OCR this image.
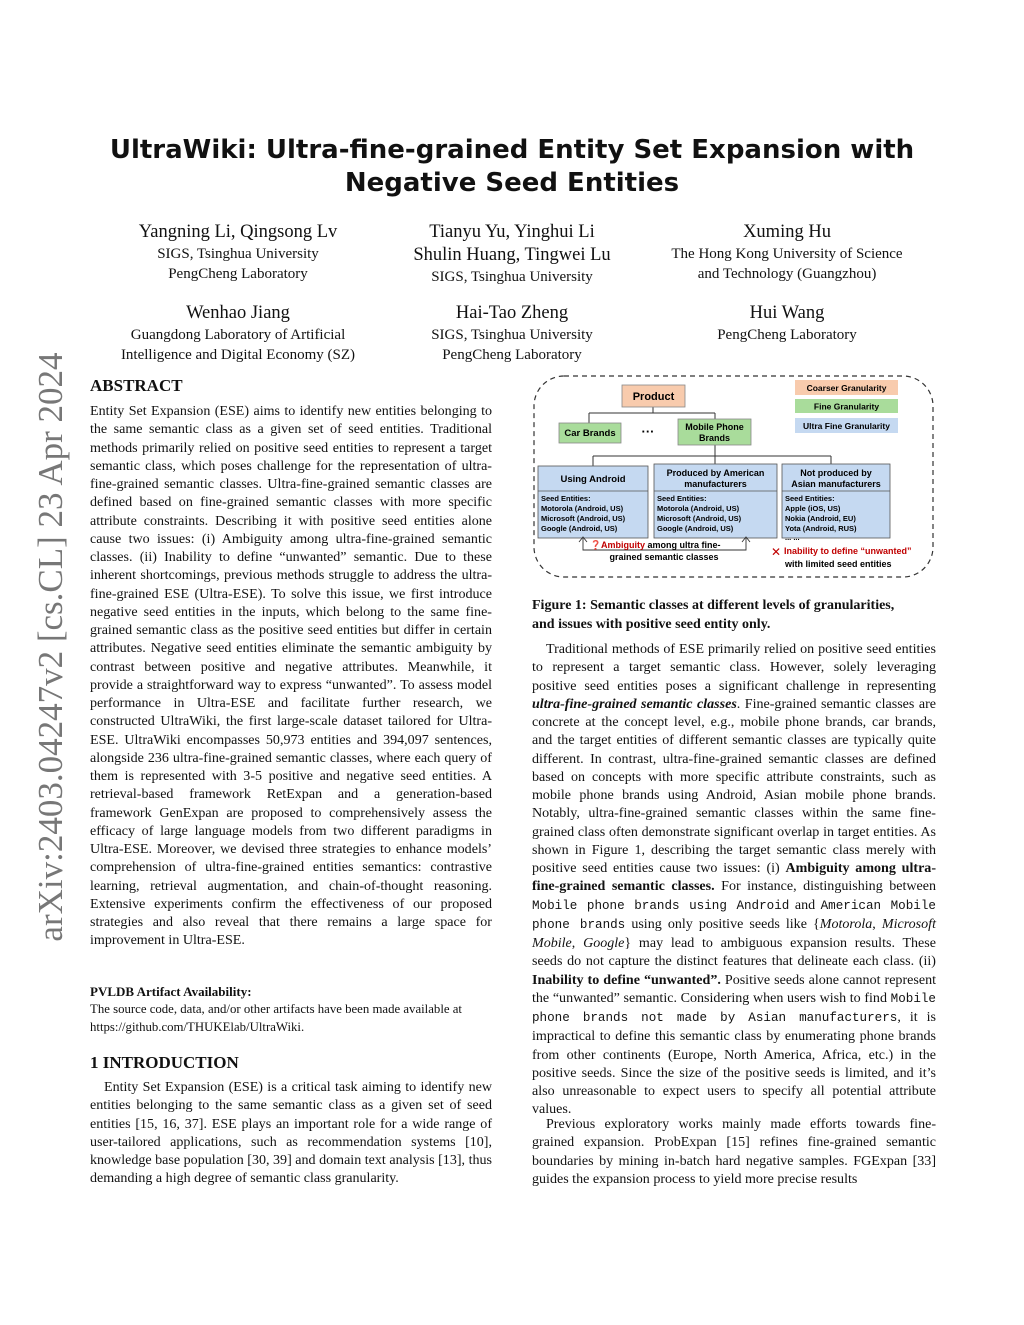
UltraWiki: Ultra-fine-grained Entity Set Expansion with
Negative Seed Entities
Yangning Li, Qingsong Lv
SIGS, Tsinghua University
PengCheng Laboratory
Tianyu Yu, Yinghui Li
Shulin Huang, Tingwei Lu
SIGS, Tsinghua University
Xuming Hu
The Hong Kong University of Science
and Technology (Guangzhou)
Wenhao Jiang
Guangdong Laboratory of Artificial
Intelligence and Digital Economy (SZ)
Hai-Tao Zheng
SIGS, Tsinghua University
PengCheng Laboratory
Hui Wang
PengCheng Laboratory
arXiv:2403.04247v2 [cs.CL] 23 Apr 2024 ABSTRACT
Entity Set Expansion (ESE) aims to identify new entities belonging to the same semantic class as a given set of seed entities. Traditional methods primarily relied on positive seed entities to represent a target semantic class, which poses challenge for the representation of ultra-fine-grained semantic classes. Ultra-fine-grained semantic classes are defined based on fine-grained semantic classes with more specific attribute constraints. Describing it with positive seed entities alone cause two issues: (i) Ambiguity among ultra-fine-grained semantic classes. (ii) Inability to define “unwanted” semantic. Due to these inherent shortcomings, previous methods struggle to address the ultra-fine-grained ESE (Ultra-ESE). To solve this issue, we first introduce negative seed entities in the inputs, which belong to the same fine-grained semantic class as the positive seed entities but differ in certain attributes. Negative seed entities eliminate the semantic ambiguity by contrast between positive and negative attributes. Meanwhile, it provide a straightforward way to express “unwanted”. To assess model performance in Ultra-ESE and facilitate further research, we constructed UltraWiki, the first large-scale dataset tailored for Ultra-ESE. UltraWiki encompasses 50,973 entities and 394,097 sentences, alongside 236 ultra-fine-grained semantic classes, where each query of them is represented with 3-5 positive and negative seed entities. A retrieval-based framework RetExpan and a generation-based framework GenExpan are proposed to comprehensively assess the efficacy of large language models from two different paradigms in Ultra-ESE. Moreover, we devised three strategies to enhance models’ comprehension of ultra-fine-grained entities semantics: contrastive learning, retrieval augmentation, and chain-of-thought reasoning. Extensive experiments confirm the effectiveness of our proposed strategies and also reveal that there remains a large space for improvement in Ultra-ESE.
PVLDB Artifact Availability:
The source code, data, and/or other artifacts have been made available at https://github.com/THUKElab/UltraWiki.
1 INTRODUCTION
Entity Set Expansion (ESE) is a critical task aiming to identify new entities belonging to the same semantic class as a given set of seed entities [15, 16, 37]. ESE plays an important role for a wide range of user-tailored applications, such as recommendation systems [10], knowledge base population [30, 39] and domain text analysis [13], thus demanding a high degree of semantic class granularity.
Product
Car Brands ···	Mobile Phone
Brands
Coarser Granularity
Fine Granularity
Ultra Fine Granularity
Using Android
Seed Entities:
Motorola (Android, US)
Microsoft (Android, US)
Google (Android, US)
Produced by American
manufacturers
Seed Entities:
Motorola (Android, US)
Microsoft (Android, US)
Google (Android, US)
Not produced by
Asian manufacturers
Seed Entities:
Apple (iOS, US)
Nokia (Android, EU)
Yota (Android, RUS)
... ...
❓ Ambiguity among ultra fine-
grained semantic classes	✕ Inability to define “unwanted”
with limited seed entities
Figure 1: Semantic classes at different levels of granularities,
and issues with positive seed entity only.
Traditional methods of ESE primarily relied on positive seed entities to represent a target semantic class. However, solely leveraging positive seed entities poses a significant challenge in representing ultra-fine-grained semantic classes. Fine-grained semantic classes are concrete at the concept level, e.g., mobile phone brands, car brands, and the target entities of different semantic classes are typically quite different. In contrast, ultra-fine-grained semantic classes are defined based on concepts with more specific attribute constraints, such as mobile phone brands using Android, Asian mobile phone brands. Notably, ultra-fine-grained semantic classes within the same fine-grained class often demonstrate significant overlap in target entities. As shown in Figure 1, describing the target semantic class merely with positive seed entities cause two issues: (i) Ambiguity among ultra-fine-grained semantic classes. For instance, distinguishing between Mobile phone brands using Android and American Mobile phone brands using only positive seeds like {Motorola, Microsoft Mobile, Google} may lead to ambiguous expansion results. These seeds do not capture the distinct features that delineate each class. (ii) Inability to define “unwanted”. Positive seeds alone cannot represent the “unwanted” semantic. Considering when users wish to find Mobile phone brands not made by Asian manufacturers, it is impractical to define this semantic class by enumerating phone brands from other continents (Europe, North America, Africa, etc.) in the positive seeds. Since the size of the positive seeds is limited, and it’s also unreasonable to expect users to specify all potential attribute values.
Previous exploratory works mainly made efforts towards fine-grained expansion. ProbExpan [15] refines fine-grained semantic boundaries by mining in-batch hard negative samples. FGExpan [33] guides the expansion process to yield more precise results
